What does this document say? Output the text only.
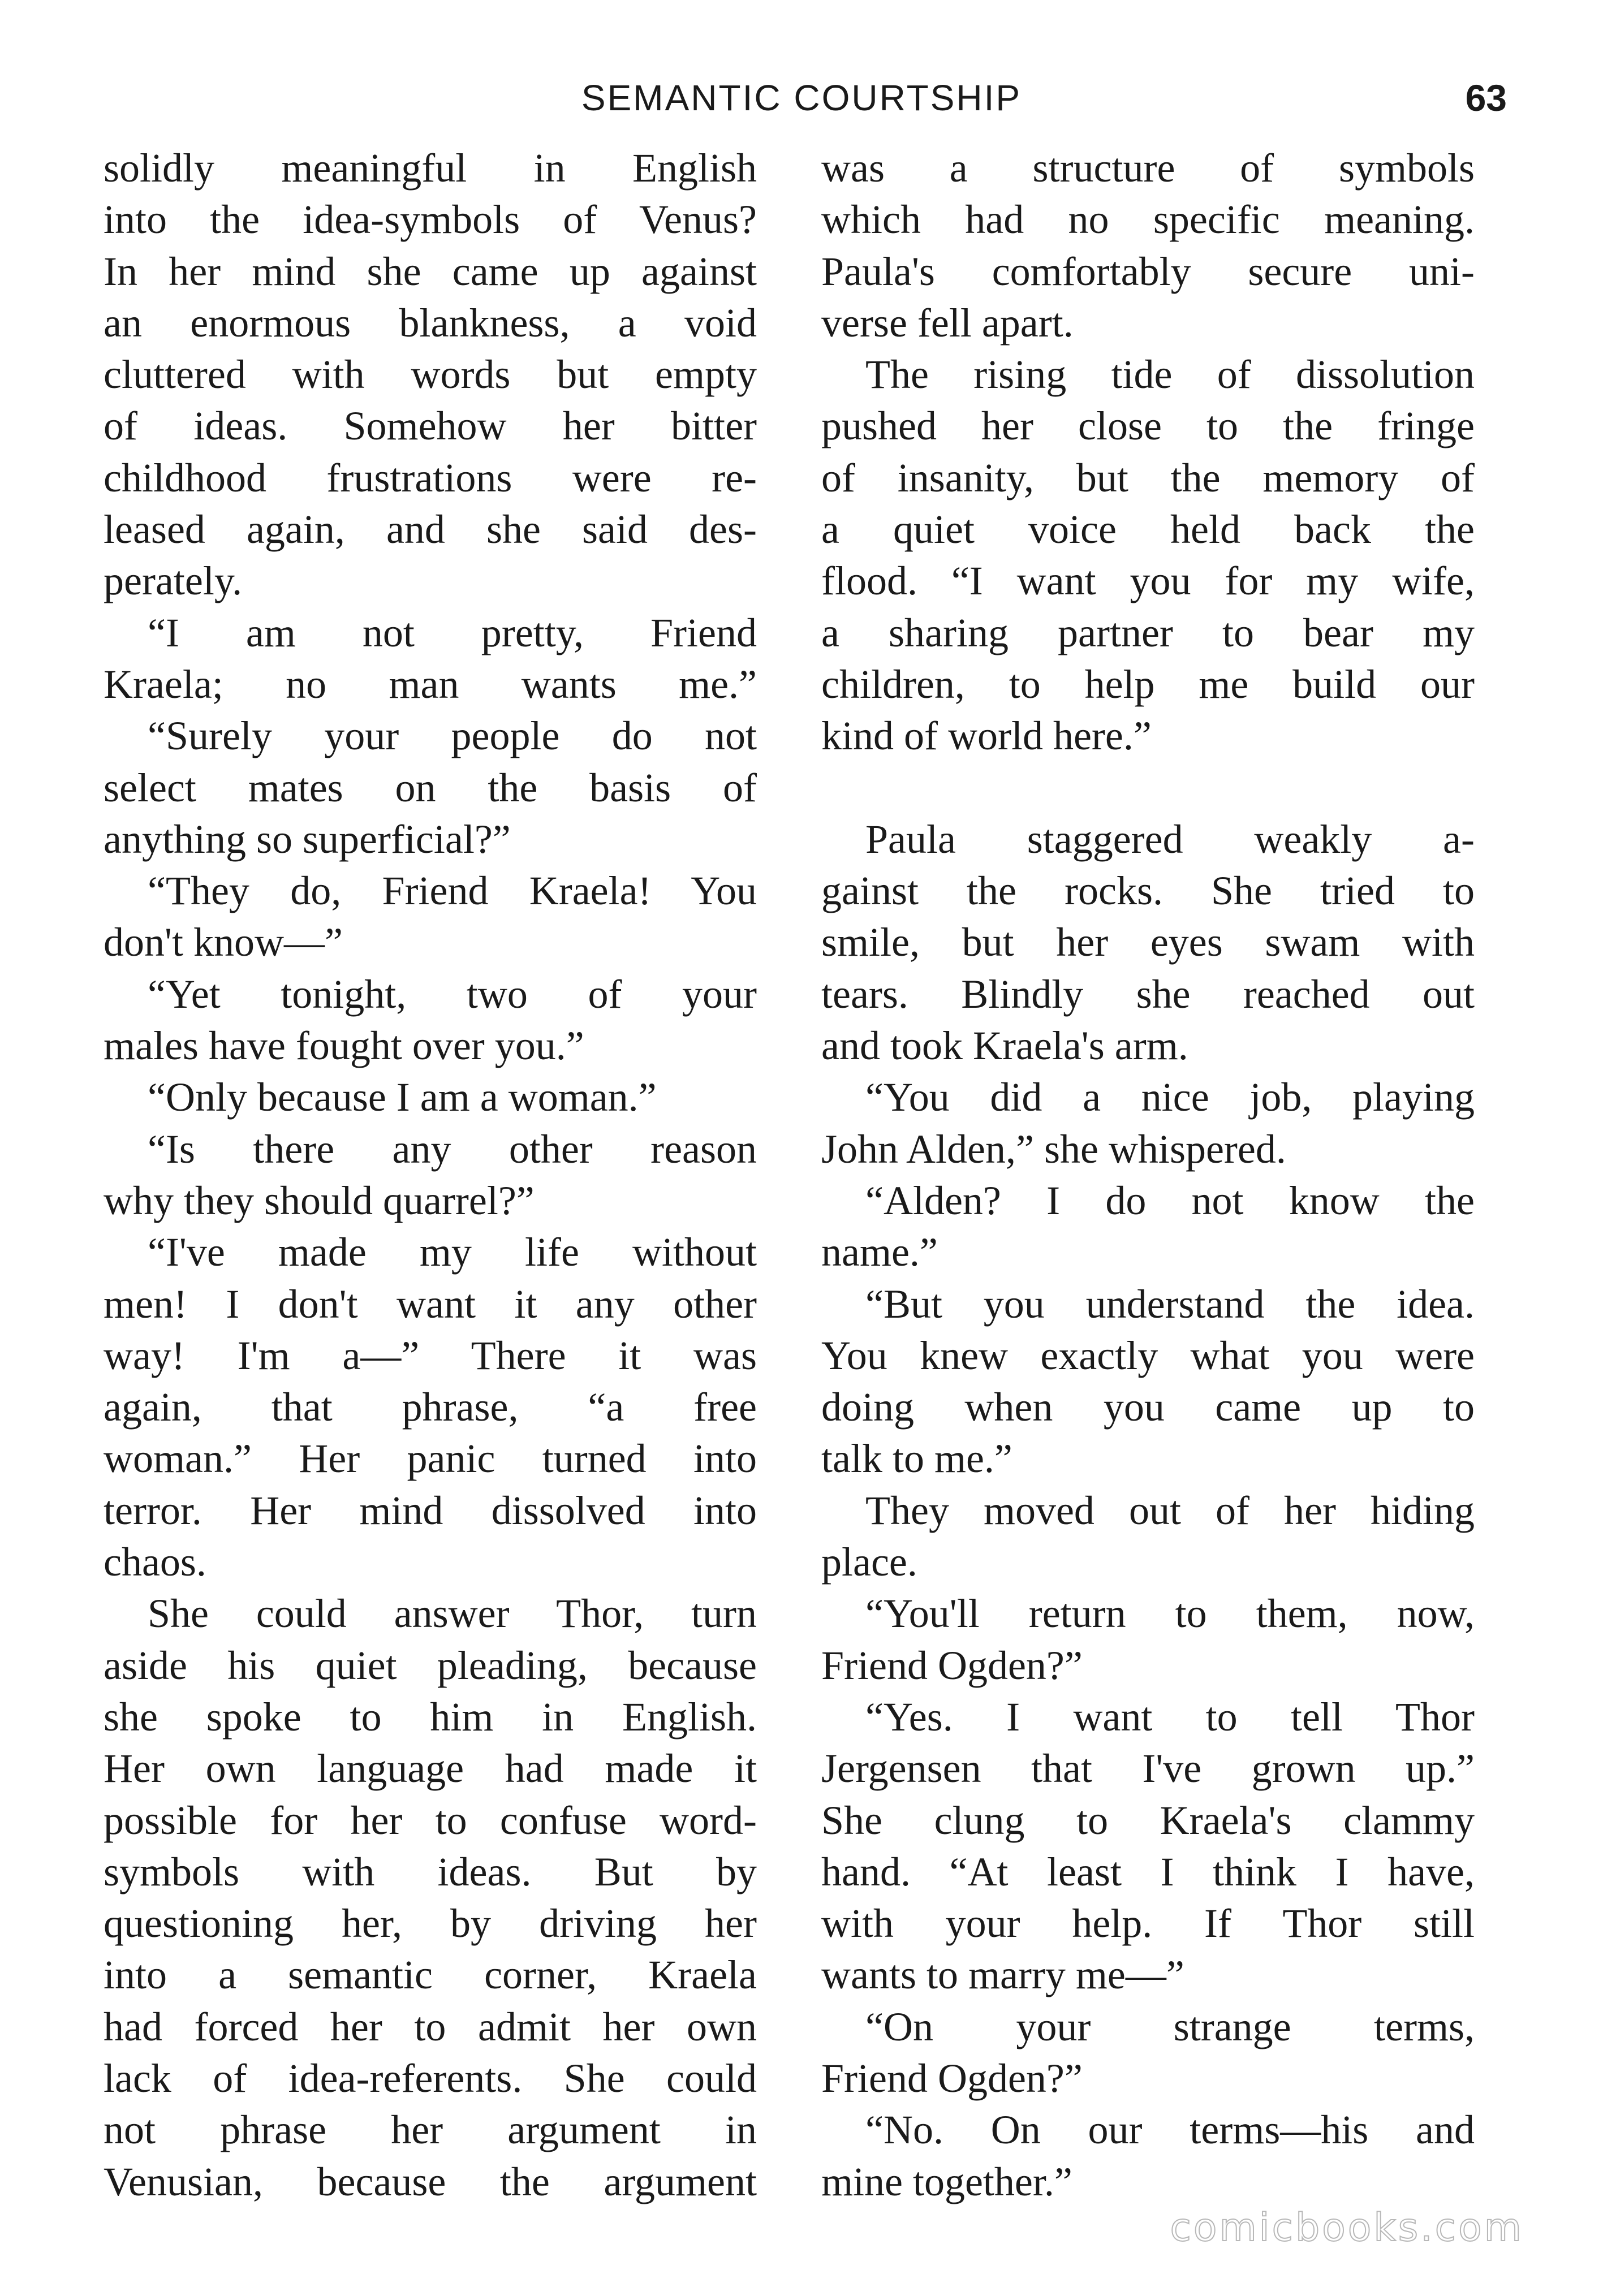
SEMANTIC COURTSHIP	63
solidly meaningful in English
into the idea-symbols of Venus?
In her mind she came up against
an enormous blankness, a void
cluttered with words but empty
of ideas. Somehow her bitter
childhood frustrations were re-
leased again, and she said des-
perately.
“I am not pretty, Friend
Kraela; no man wants me.”
“Surely your people do not
select mates on the basis of
anything so superficial?”
“They do, Friend Kraela! You
don't know—”
“Yet tonight, two of your
males have fought over you.”
“Only because I am a woman.”
“Is there any other reason
why they should quarrel?”
“I've made my life without
men! I don't want it any other
way! I'm a—” There it was
again, that phrase, “a free
woman.” Her panic turned into
terror. Her mind dissolved into
chaos.
She could answer Thor, turn
aside his quiet pleading, because
she spoke to him in English.
Her own language had made it
possible for her to confuse word-
symbols with ideas. But by
questioning her, by driving her
into a semantic corner, Kraela
had forced her to admit her own
lack of idea-referents. She could
not phrase her argument in
Venusian, because the argument
was a structure of symbols
which had no specific meaning.
Paula's comfortably secure uni-
verse fell apart.
The rising tide of dissolution
pushed her close to the fringe
of insanity, but the memory of
a quiet voice held back the
flood. “I want you for my wife,
a sharing partner to bear my
children, to help me build our
kind of world here.”
Paula staggered weakly a-
gainst the rocks. She tried to
smile, but her eyes swam with
tears. Blindly she reached out
and took Kraela's arm.
“You did a nice job, playing
John Alden,” she whispered.
“Alden? I do not know the
name.”
“But you understand the idea.
You knew exactly what you were
doing when you came up to
talk to me.”
They moved out of her hiding
place.
“You'll return to them, now,
Friend Ogden?”
“Yes. I want to tell Thor
Jergensen that I've grown up.”
She clung to Kraela's clammy
hand. “At least I think I have,
with your help. If Thor still
wants to marry me—”
“On your strange terms,
Friend Ogden?”
“No. On our terms—his and
mine together.”
comicbooks.com
